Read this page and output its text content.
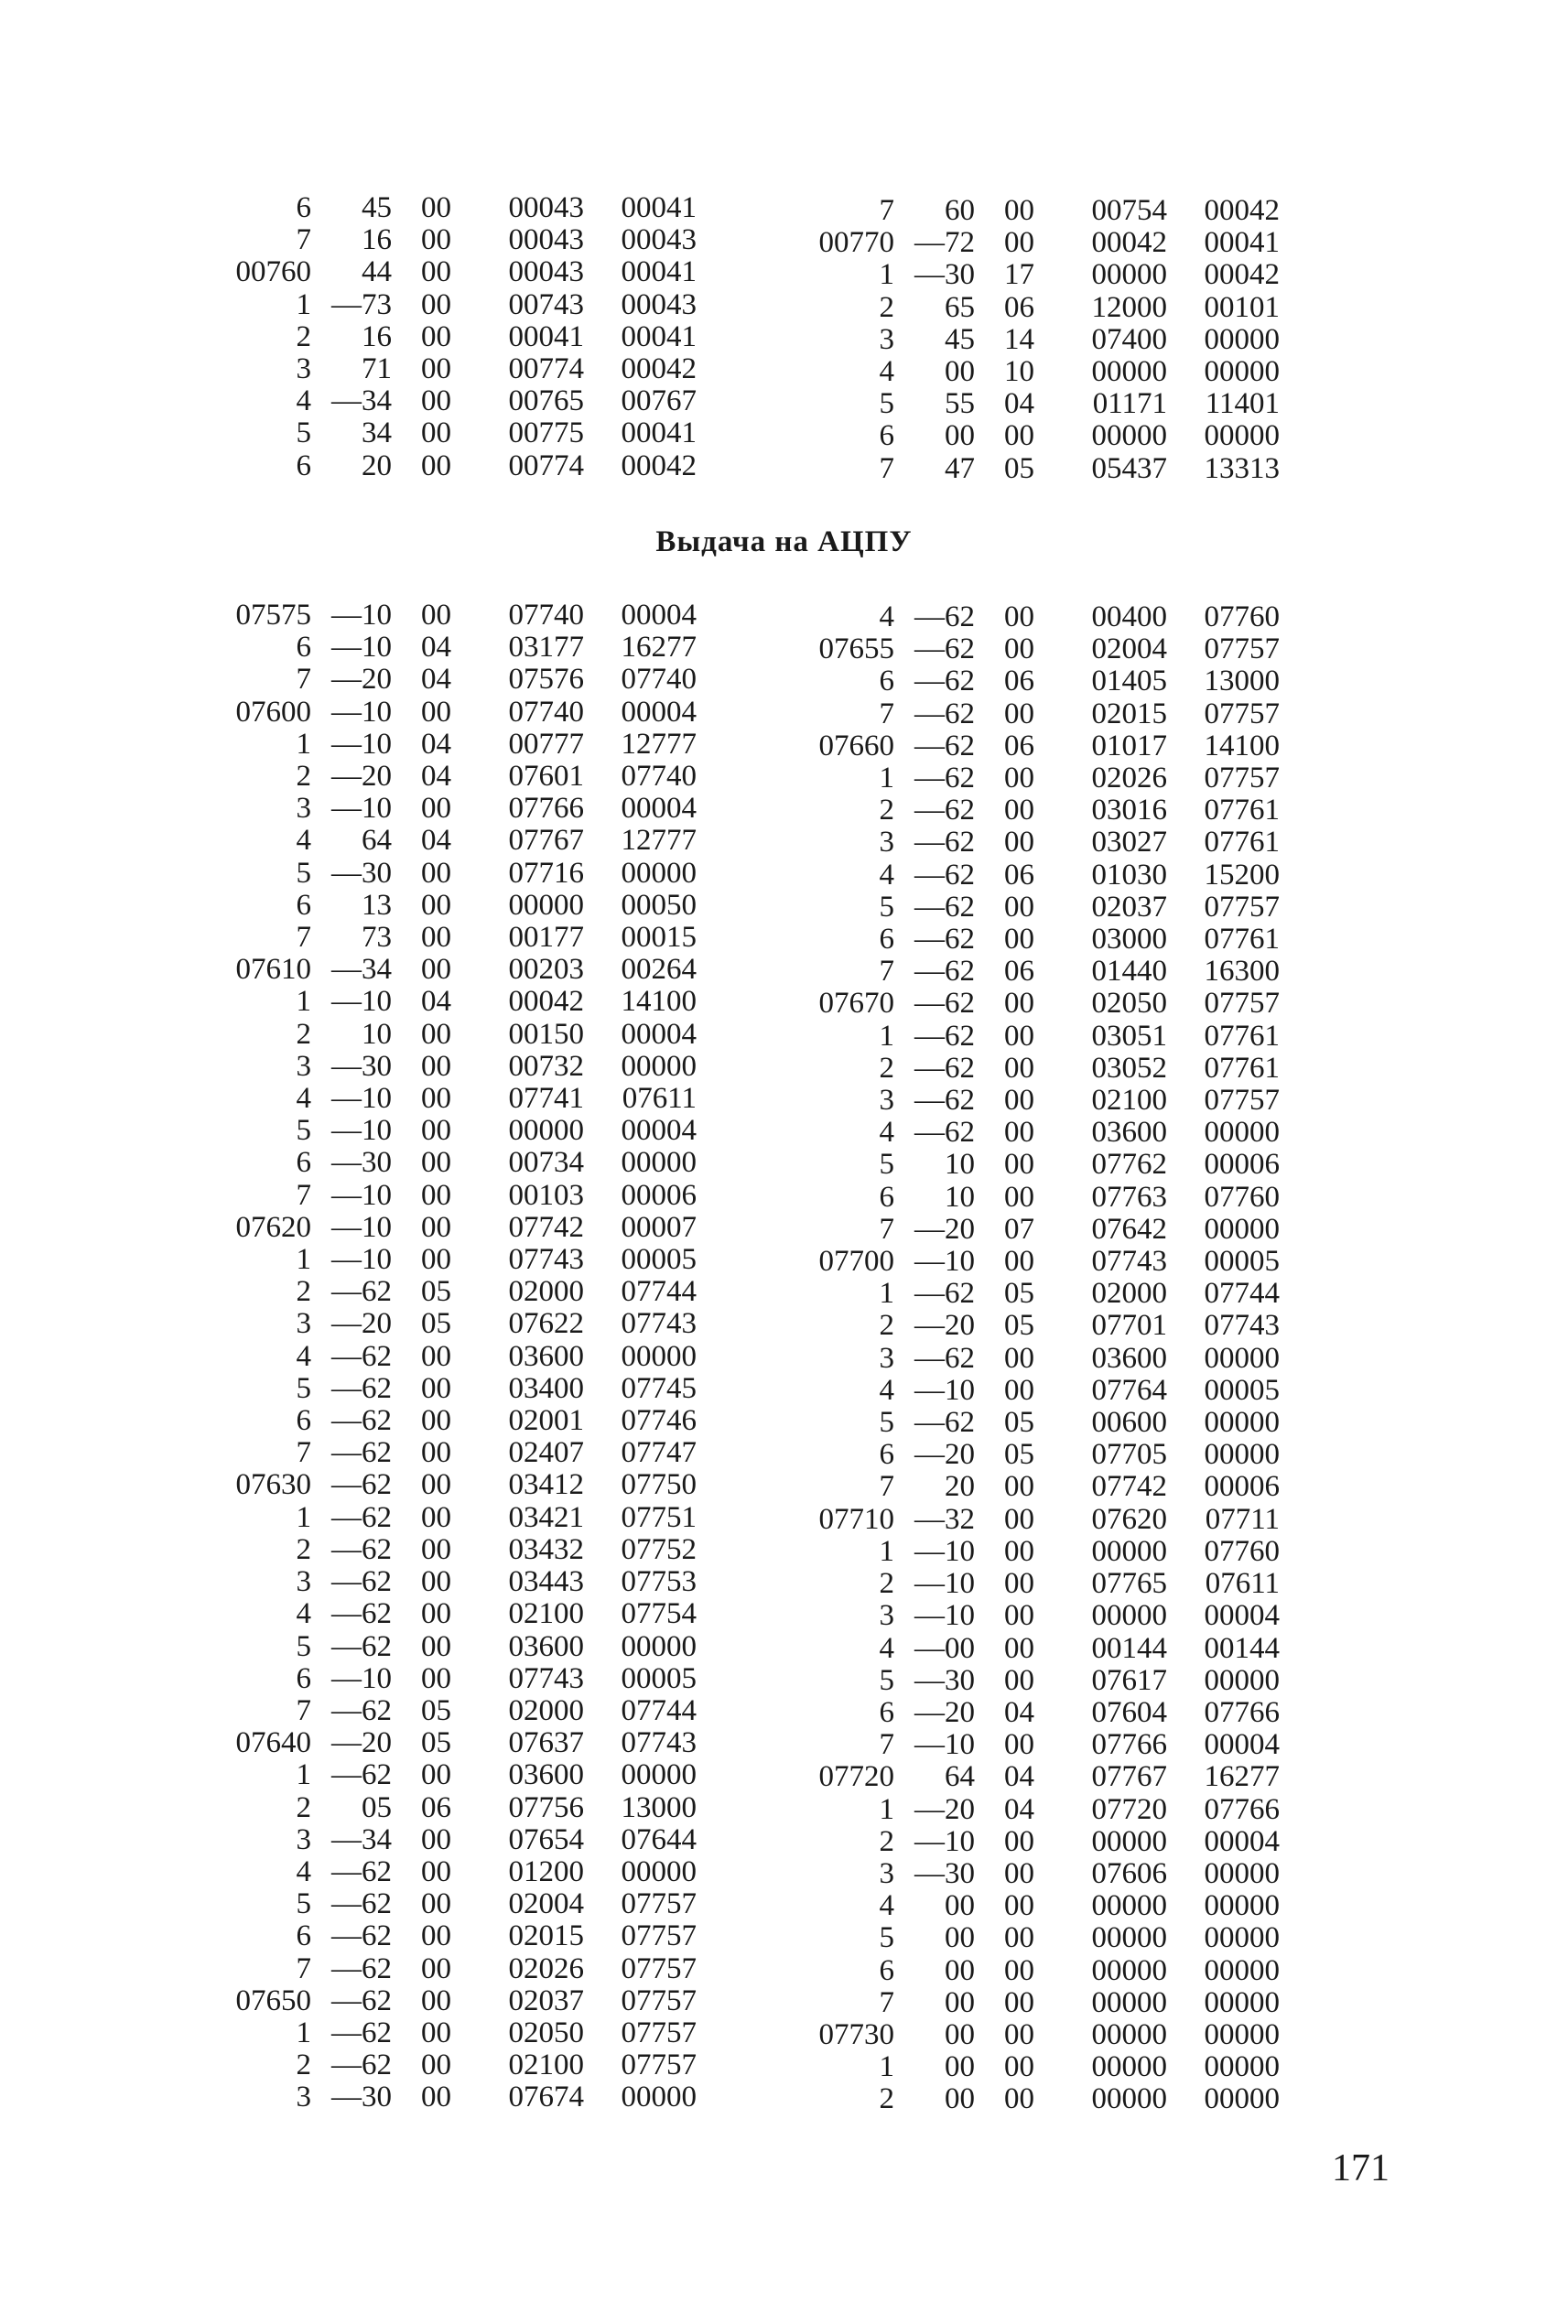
6	45	00	00043	00041
7	16	00	00043	00043
00760	44	00	00043	00041
1	—73	00	00743	00043
2	16	00	00041	00041
3	71	00	00774	00042
4	—34	00	00765	00767
5	34	00	00775	00041
6	20	00	00774	00042
7	60	00	00754	00042
00770	—72	00	00042	00041
1	—30	17	00000	00042
2	65	06	12000	00101
3	45	14	07400	00000
4	00	10	00000	00000
5	55	04	01171	11401
6	00	00	00000	00000
7	47	05	05437	13313
Выдача на АЦПУ
07575	—10	00	07740	00004
6	—10	04	03177	16277
7	—20	04	07576	07740
07600	—10	00	07740	00004
1	—10	04	00777	12777
2	—20	04	07601	07740
3	—10	00	07766	00004
4	64	04	07767	12777
5	—30	00	07716	00000
6	13	00	00000	00050
7	73	00	00177	00015
07610	—34	00	00203	00264
1	—10	04	00042	14100
2	10	00	00150	00004
3	—30	00	00732	00000
4	—10	00	07741	07611
5	—10	00	00000	00004
6	—30	00	00734	00000
7	—10	00	00103	00006
07620	—10	00	07742	00007
1	—10	00	07743	00005
2	—62	05	02000	07744
3	—20	05	07622	07743
4	—62	00	03600	00000
5	—62	00	03400	07745
6	—62	00	02001	07746
7	—62	00	02407	07747
07630	—62	00	03412	07750
1	—62	00	03421	07751
2	—62	00	03432	07752
3	—62	00	03443	07753
4	—62	00	02100	07754
5	—62	00	03600	00000
6	—10	00	07743	00005
7	—62	05	02000	07744
07640	—20	05	07637	07743
1	—62	00	03600	00000
2	05	06	07756	13000
3	—34	00	07654	07644
4	—62	00	01200	00000
5	—62	00	02004	07757
6	—62	00	02015	07757
7	—62	00	02026	07757
07650	—62	00	02037	07757
1	—62	00	02050	07757
2	—62	00	02100	07757
3	—30	00	07674	00000
4	—62	00	00400	07760
07655	—62	00	02004	07757
6	—62	06	01405	13000
7	—62	00	02015	07757
07660	—62	06	01017	14100
1	—62	00	02026	07757
2	—62	00	03016	07761
3	—62	00	03027	07761
4	—62	06	01030	15200
5	—62	00	02037	07757
6	—62	00	03000	07761
7	—62	06	01440	16300
07670	—62	00	02050	07757
1	—62	00	03051	07761
2	—62	00	03052	07761
3	—62	00	02100	07757
4	—62	00	03600	00000
5	10	00	07762	00006
6	10	00	07763	07760
7	—20	07	07642	00000
07700	—10	00	07743	00005
1	—62	05	02000	07744
2	—20	05	07701	07743
3	—62	00	03600	00000
4	—10	00	07764	00005
5	—62	05	00600	00000
6	—20	05	07705	00000
7	20	00	07742	00006
07710	—32	00	07620	07711
1	—10	00	00000	07760
2	—10	00	07765	07611
3	—10	00	00000	00004
4	—00	00	00144	00144
5	—30	00	07617	00000
6	—20	04	07604	07766
7	—10	00	07766	00004
07720	64	04	07767	16277
1	—20	04	07720	07766
2	—10	00	00000	00004
3	—30	00	07606	00000
4	00	00	00000	00000
5	00	00	00000	00000
6	00	00	00000	00000
7	00	00	00000	00000
07730	00	00	00000	00000
1	00	00	00000	00000
2	00	00	00000	00000
171
